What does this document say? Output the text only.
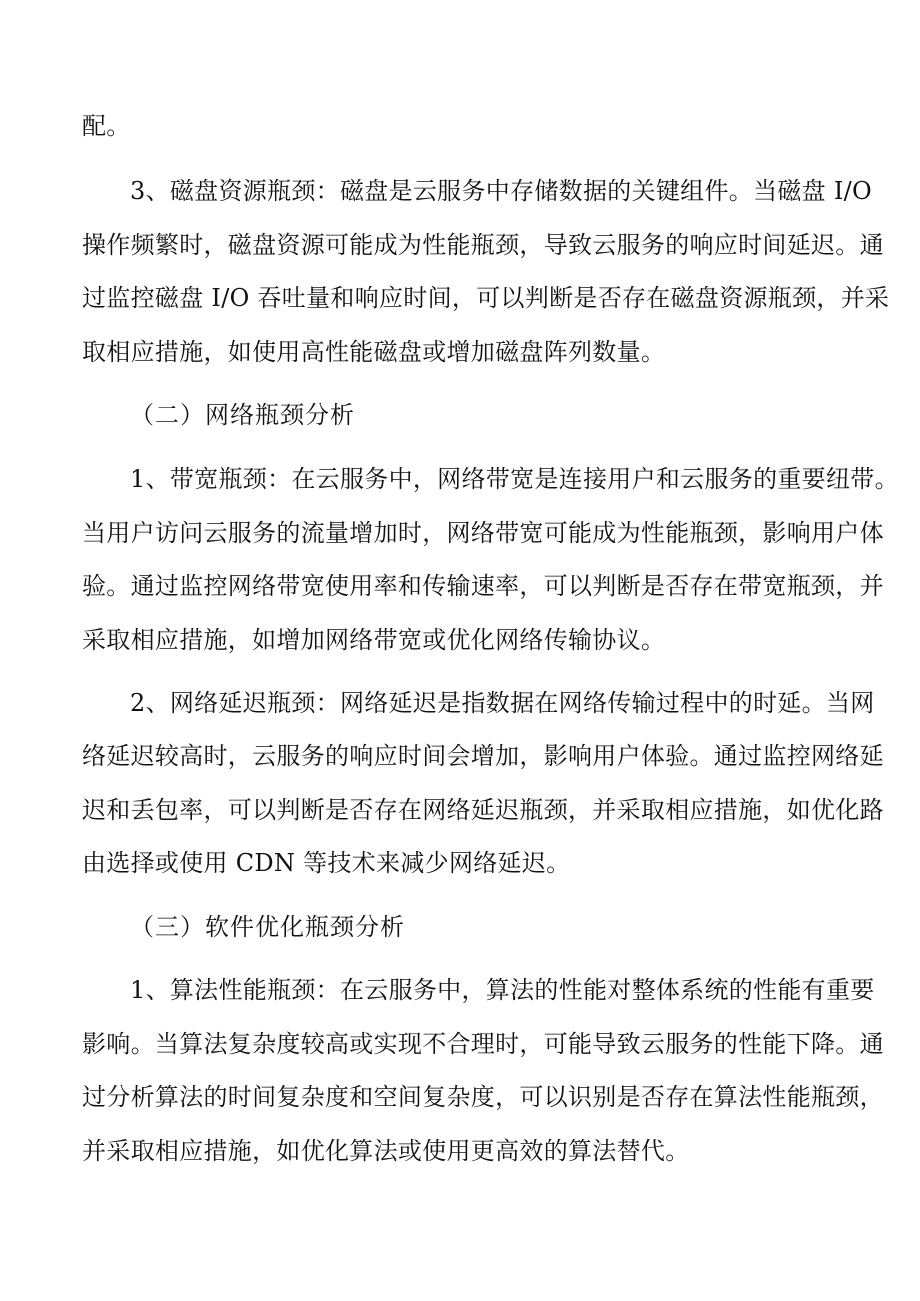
配。
3、磁盘资源瓶颈：磁盘是云服务中存储数据的关键组件。当磁盘 I/O
操作频繁时，磁盘资源可能成为性能瓶颈，导致云服务的响应时间延迟。通
过监控磁盘 I/O 吞吐量和响应时间，可以判断是否存在磁盘资源瓶颈，并采
取相应措施，如使用高性能磁盘或增加磁盘阵列数量。
（二）网络瓶颈分析
1、带宽瓶颈：在云服务中，网络带宽是连接用户和云服务的重要纽带。
当用户访问云服务的流量增加时，网络带宽可能成为性能瓶颈，影响用户体
验。通过监控网络带宽使用率和传输速率，可以判断是否存在带宽瓶颈，并
采取相应措施，如增加网络带宽或优化网络传输协议。
2、网络延迟瓶颈：网络延迟是指数据在网络传输过程中的时延。当网
络延迟较高时，云服务的响应时间会增加，影响用户体验。通过监控网络延
迟和丢包率，可以判断是否存在网络延迟瓶颈，并采取相应措施，如优化路
由选择或使用 CDN 等技术来减少网络延迟。
（三）软件优化瓶颈分析
1、算法性能瓶颈：在云服务中，算法的性能对整体系统的性能有重要
影响。当算法复杂度较高或实现不合理时，可能导致云服务的性能下降。通
过分析算法的时间复杂度和空间复杂度，可以识别是否存在算法性能瓶颈，
并采取相应措施，如优化算法或使用更高效的算法替代。
